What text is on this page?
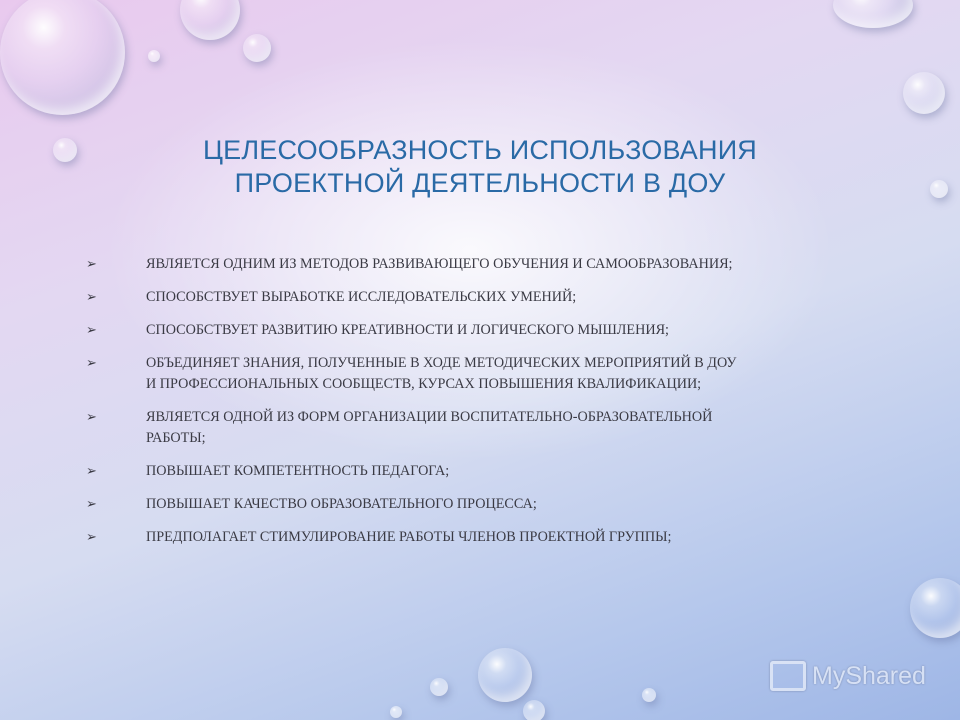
ЦЕЛЕСООБРАЗНОСТЬ ИСПОЛЬЗОВАНИЯ
ПРОЕКТНОЙ ДЕЯТЕЛЬНОСТИ В ДОУ
➢	ЯВЛЯЕТСЯ ОДНИМ ИЗ МЕТОДОВ РАЗВИВАЮЩЕГО ОБУЧЕНИЯ И САМООБРАЗОВАНИЯ;
➢	СПОСОБСТВУЕТ ВЫРАБОТКЕ ИССЛЕДОВАТЕЛЬСКИХ УМЕНИЙ;
➢	СПОСОБСТВУЕТ РАЗВИТИЮ КРЕАТИВНОСТИ И ЛОГИЧЕСКОГО МЫШЛЕНИЯ;
➢	ОБЪЕДИНЯЕТ ЗНАНИЯ, ПОЛУЧЕННЫЕ В ХОДЕ МЕТОДИЧЕСКИХ МЕРОПРИЯТИЙ В ДОУ
И ПРОФЕССИОНАЛЬНЫХ СООБЩЕСТВ, КУРСАХ ПОВЫШЕНИЯ КВАЛИФИКАЦИИ;
➢	ЯВЛЯЕТСЯ ОДНОЙ ИЗ ФОРМ ОРГАНИЗАЦИИ ВОСПИТАТЕЛЬНО-ОБРАЗОВАТЕЛЬНОЙ
РАБОТЫ;
➢	ПОВЫШАЕТ КОМПЕТЕНТНОСТЬ ПЕДАГОГА;
➢	ПОВЫШАЕТ КАЧЕСТВО ОБРАЗОВАТЕЛЬНОГО ПРОЦЕССА;
➢	ПРЕДПОЛАГАЕТ СТИМУЛИРОВАНИЕ РАБОТЫ ЧЛЕНОВ ПРОЕКТНОЙ ГРУППЫ;
MyShared
